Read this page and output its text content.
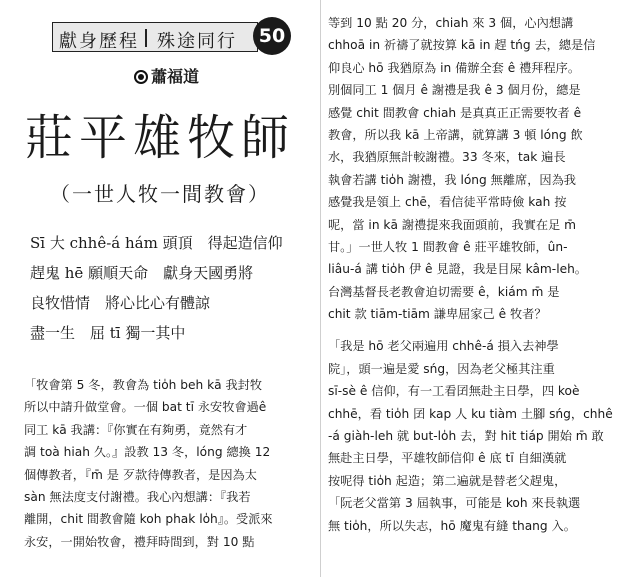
獻身歷程 殊途同行	50
蕭福道
莊平雄牧師
（一世人牧一間教會）
Sī 大 chhê-á hám 頭頂　得起造信仰
趕鬼 hē 願順天命　獻身天國勇將
良牧惜情　將心比心有體諒
盡一生　屈 tī 獨一其中
「牧會第 5 冬，教會為 tio̍h beh kā 我封牧
所以中請升做堂會。一個 bat tī 永安牧會過ê
同工 kā 我講：『你實在有夠勇，竟然有才
調 toà hiah 久。』設教 13 冬，lóng 總換 12
個傳教者，『m̄ 是 歹款待傳教者，是因為太
sàn 無法度支付謝禮。我心內想講：『我若
離開，chit 間教會隨 koh phak lo̍h』。受派來
永安，一開始牧會，禮拜時間到，對 10 點
等到 10 點 20 分，chiah 來 3 個，心內想講
chhoā in 祈禱了就按算 kā in 趕 tńg 去，總是信
仰良心 hō 我猶原為 in 備辦全套 ê 禮拜程序。
別個同工 1 個月 ê 謝禮是我 ê 3 個月份，總是
感覺 chit 間教會 chiah 是真真正正需要牧者 ê
教會，所以我 kā 上帝講，就算講 3 頓 lóng 飲
水，我猶原無計較謝禮。33 冬來，tak 遍長
執會若講 tio̍h 謝禮，我 lóng 無離席，因為我
感覺我是領上 chē，看信徒平常時儉 kah 按
呢，當 in kā 謝禮提來我面頭前，我實在足 m̄
甘。」一世人牧 1 間教會 ê 莊平雄牧師，ûn-
liâu-á 講 tio̍h 伊 ê 見證，我是目屎 kâm-leh。
台灣基督長老教會迫切需要 ê，kiám m̄ 是
chit 款 tiām-tiām 謙卑屈家己 ê 牧者？
「我是 hō 老父兩遍用 chhê-á 損入去神學
院」，頭一遍是愛 sńg，因為老父極其注重
sī-sè ê 信仰，有一工看囝無赴主日學，四 koè
chhē，看 tio̍h 囝 kap 人 ku tiàm 土腳 sńg，chhê
-á giàh-leh 就 but-lo̍h 去，對 hit tiáp 開始 m̄ 敢
無赴主日學，平雄牧師信仰 ê 底 tī 自細漢就
按呢得 tio̍h 起造；第二遍就是替老父趕鬼，
「阮老父當第 3 屆執事，可能是 koh 來長執選
無 tio̍h，所以失志，hō 魔鬼有縫 thang 入。
